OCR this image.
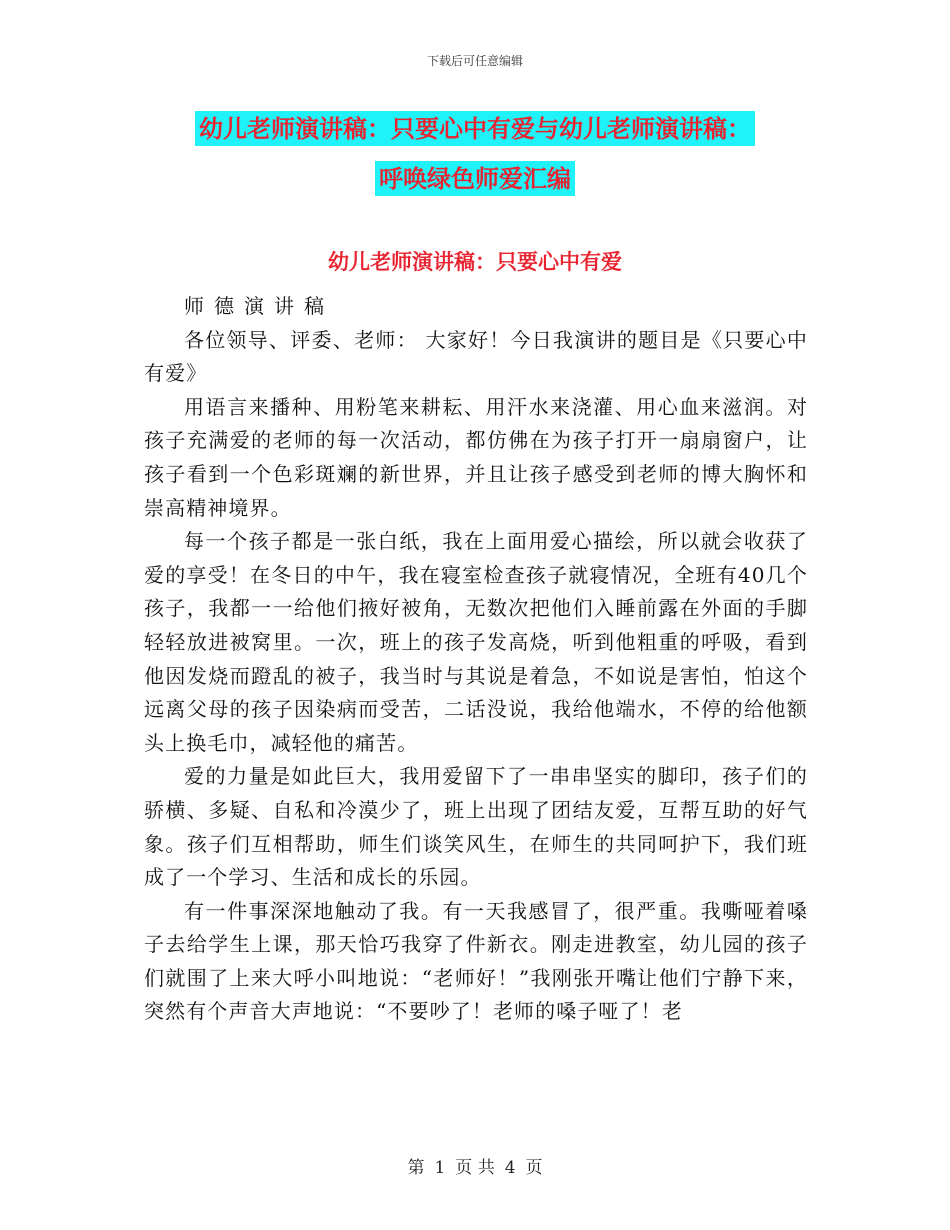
下载后可任意编辑
幼儿老师演讲稿：只要心中有爱与幼儿老师演讲稿：
呼唤绿色师爱汇编
幼儿老师演讲稿：只要心中有爱

师德演讲稿

各位领导、评委、老师： 大家好！今日我演讲的题目是《只要心中有爱》

用语言来播种、用粉笔来耕耘、用汗水来浇灌、用心血来滋润。对孩子充满爱的老师的每一次活动，都仿佛在为孩子打开一扇扇窗户，让孩子看到一个色彩斑斓的新世界，并且让孩子感受到老师的博大胸怀和崇高精神境界。

每一个孩子都是一张白纸，我在上面用爱心描绘，所以就会收获了爱的享受！在冬日的中午，我在寝室检查孩子就寝情况，全班有40几个孩子，我都一一给他们掖好被角，无数次把他们入睡前露在外面的手脚轻轻放进被窝里。一次，班上的孩子发高烧，听到他粗重的呼吸，看到他因发烧而蹬乱的被子，我当时与其说是着急，不如说是害怕，怕这个远离父母的孩子因染病而受苦，二话没说，我给他端水，不停的给他额头上换毛巾，减轻他的痛苦。

爱的力量是如此巨大，我用爱留下了一串串坚实的脚印，孩子们的骄横、多疑、自私和冷漠少了，班上出现了团结友爱，互帮互助的好气象。孩子们互相帮助，师生们谈笑风生，在师生的共同呵护下，我们班成了一个学习、生活和成长的乐园。

有一件事深深地触动了我。有一天我感冒了，很严重。我嘶哑着嗓子去给学生上课，那天恰巧我穿了件新衣。刚走进教室，幼儿园的孩子们就围了上来大呼小叫地说：“老师好！”我刚张开嘴让他们宁静下来，突然有个声音大声地说：“不要吵了！老师的嗓子哑了！老

第 1 页 共 4 页
